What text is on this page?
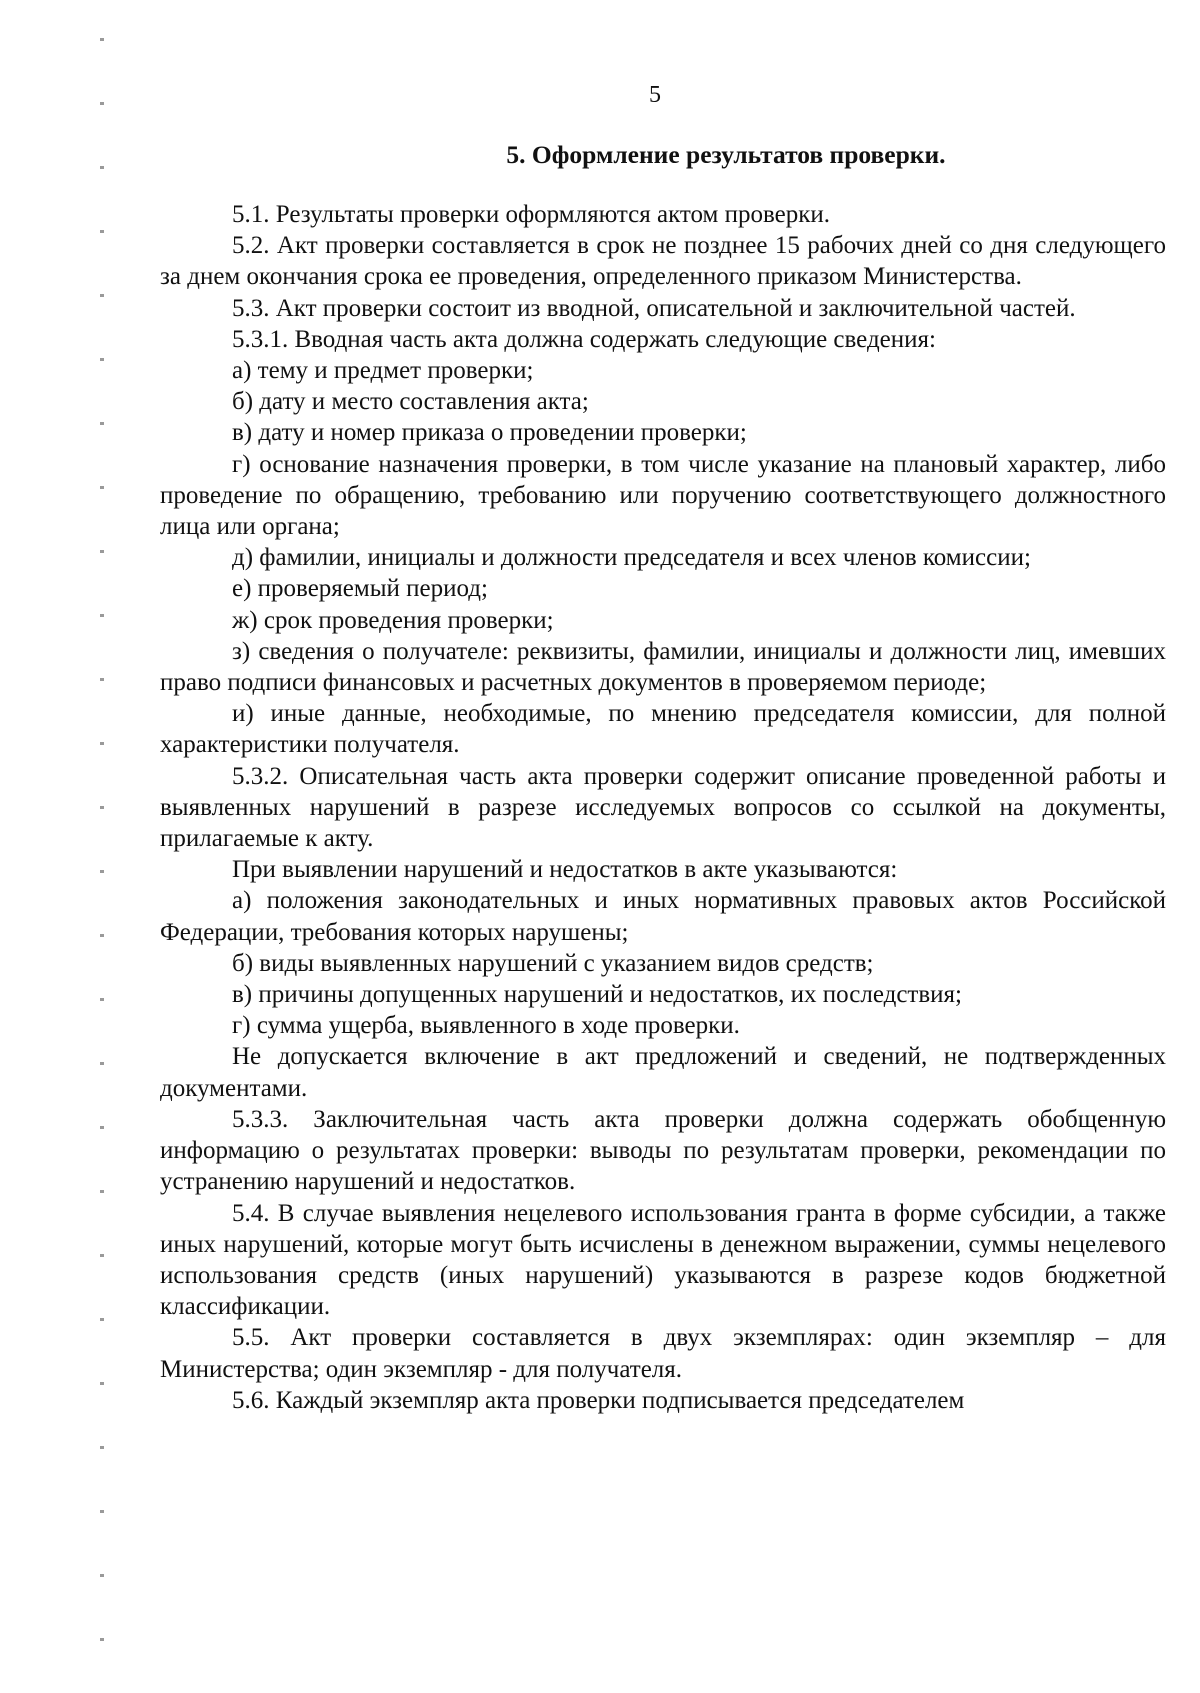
5
5. Оформление результатов проверки.

5.1. Результаты проверки оформляются актом проверки.

5.2. Акт проверки составляется в срок не позднее 15 рабочих дней со дня следующего за днем окончания срока ее проведения, определенного приказом Министерства.

5.3. Акт проверки состоит из вводной, описательной и заключительной частей.

5.3.1. Вводная часть акта должна содержать следующие сведения:

а) тему и предмет проверки;

б) дату и место составления акта;

в) дату и номер приказа о проведении проверки;

г) основание назначения проверки, в том числе указание на плановый характер, либо проведение по обращению, требованию или поручению соответствующего должностного лица или органа;

д) фамилии, инициалы и должности председателя и всех членов комиссии;

е) проверяемый период;

ж) срок проведения проверки;

з) сведения о получателе: реквизиты, фамилии, инициалы и должности лиц, имевших право подписи финансовых и расчетных документов в проверяемом периоде;

и) иные данные, необходимые, по мнению председателя комиссии, для полной характеристики получателя.

5.3.2. Описательная часть акта проверки содержит описание проведенной работы и выявленных нарушений в разрезе исследуемых вопросов со ссылкой на документы, прилагаемые к акту.

При выявлении нарушений и недостатков в акте указываются:

а) положения законодательных и иных нормативных правовых актов Российской Федерации, требования которых нарушены;

б) виды выявленных нарушений с указанием видов средств;

в) причины допущенных нарушений и недостатков, их последствия;

г) сумма ущерба, выявленного в ходе проверки.

Не допускается включение в акт предложений и сведений, не подтвержденных документами.

5.3.3. Заключительная часть акта проверки должна содержать обобщенную информацию о результатах проверки: выводы по результатам проверки, рекомендации по устранению нарушений и недостатков.

5.4. В случае выявления нецелевого использования гранта в форме субсидии, а также иных нарушений, которые могут быть исчислены в денежном выражении, суммы нецелевого использования средств (иных нарушений) указываются в разрезе кодов бюджетной классификации.

5.5. Акт проверки составляется в двух экземплярах: один экземпляр – для Министерства; один экземпляр - для получателя.

5.6. Каждый экземпляр акта проверки подписывается председателем
